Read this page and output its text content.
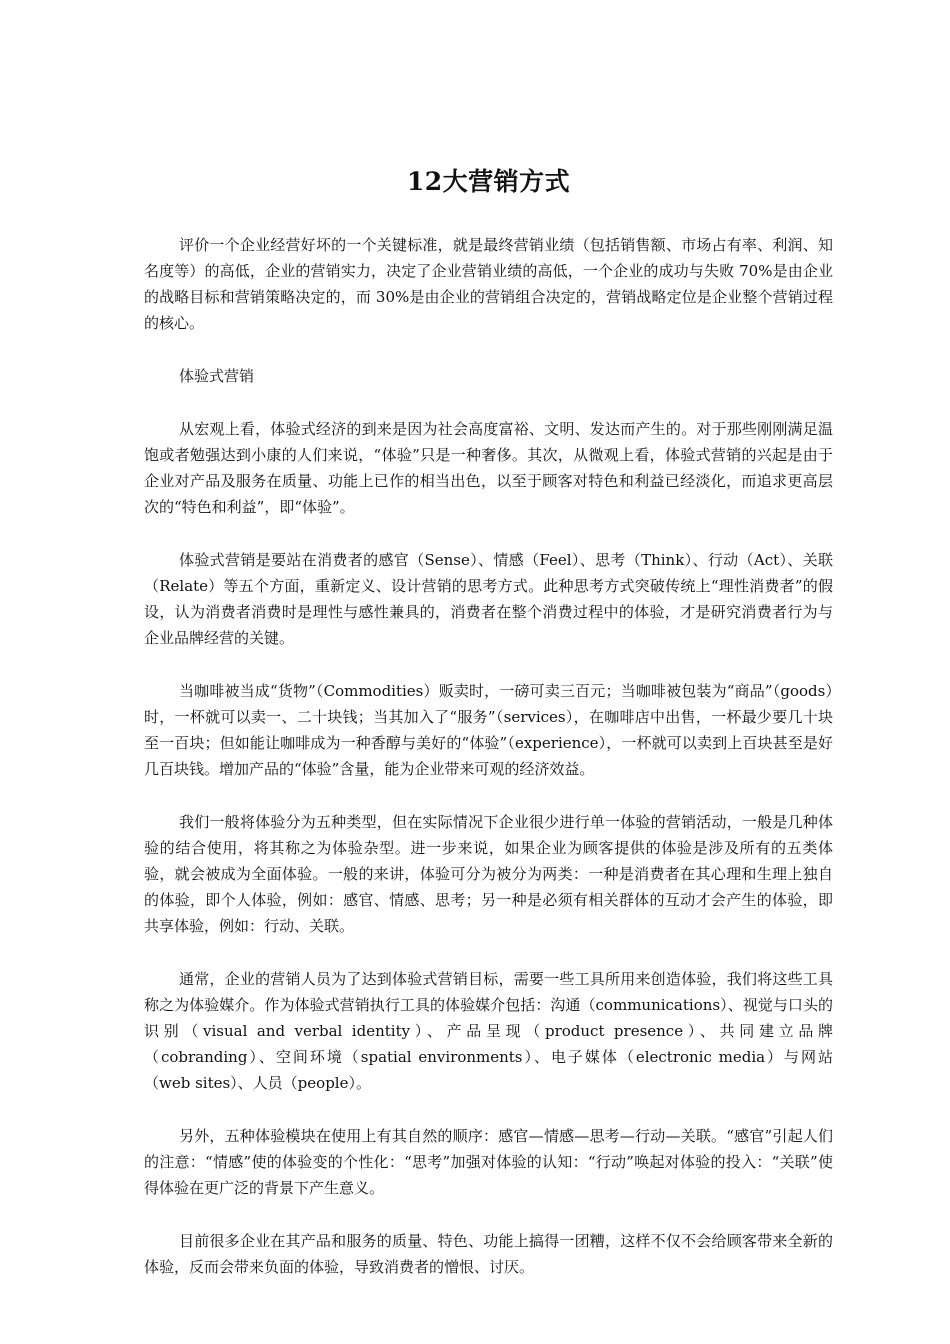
12大营销方式

评价一个企业经营好坏的一个关键标准，就是最终营销业绩（包括销售额、市场占有率、利润、知名度等）的高低，企业的营销实力，决定了企业营销业绩的高低，一个企业的成功与失败 70%是由企业的战略目标和营销策略决定的，而 30%是由企业的营销组合决定的，营销战略定位是企业整个营销过程的核心。

体验式营销

从宏观上看，体验式经济的到来是因为社会高度富裕、文明、发达而产生的。对于那些刚刚满足温饱或者勉强达到小康的人们来说，“体验”只是一种奢侈。其次，从微观上看，体验式营销的兴起是由于企业对产品及服务在质量、功能上已作的相当出色，以至于顾客对特色和利益已经淡化，而追求更高层次的“特色和利益”，即“体验”。

体验式营销是要站在消费者的感官（Sense）、情感（Feel）、思考（Think）、行动（Act）、关联（Relate）等五个方面，重新定义、设计营销的思考方式。此种思考方式突破传统上“理性消费者”的假设，认为消费者消费时是理性与感性兼具的，消费者在整个消费过程中的体验，才是研究消费者行为与企业品牌经营的关键。

当咖啡被当成“货物”（Commodities）贩卖时，一磅可卖三百元；当咖啡被包装为“商品”（goods）时，一杯就可以卖一、二十块钱；当其加入了“服务”（services），在咖啡店中出售，一杯最少要几十块至一百块；但如能让咖啡成为一种香醇与美好的“体验”（experience），一杯就可以卖到上百块甚至是好几百块钱。增加产品的“体验”含量，能为企业带来可观的经济效益。

我们一般将体验分为五种类型，但在实际情况下企业很少进行单一体验的营销活动，一般是几种体验的结合使用，将其称之为体验杂型。进一步来说，如果企业为顾客提供的体验是涉及所有的五类体验，就会被成为全面体验。一般的来讲，体验可分为被分为两类：一种是消费者在其心理和生理上独自的体验，即个人体验，例如：感官、情感、思考；另一种是必须有相关群体的互动才会产生的体验，即共享体验，例如：行动、关联。

通常，企业的营销人员为了达到体验式营销目标，需要一些工具所用来创造体验，我们将这些工具称之为体验媒介。作为体验式营销执行工具的体验媒介包括：沟通（communications）、视觉与口头的识别（visual and verbal identity）、产品呈现（product presence）、共同建立品牌（cobranding）、空间环境（spatial environments）、电子媒体（electronic media）与网站（web sites）、人员（people）。

另外，五种体验模块在使用上有其自然的顺序：感官—情感—思考—行动—关联。“感官”引起人们的注意：“情感”使的体验变的个性化：“思考”加强对体验的认知：“行动”唤起对体验的投入：“关联”使得体验在更广泛的背景下产生意义。

目前很多企业在其产品和服务的质量、特色、功能上搞得一团糟，这样不仅不会给顾客带来全新的体验，反而会带来负面的体验，导致消费者的憎恨、讨厌。
